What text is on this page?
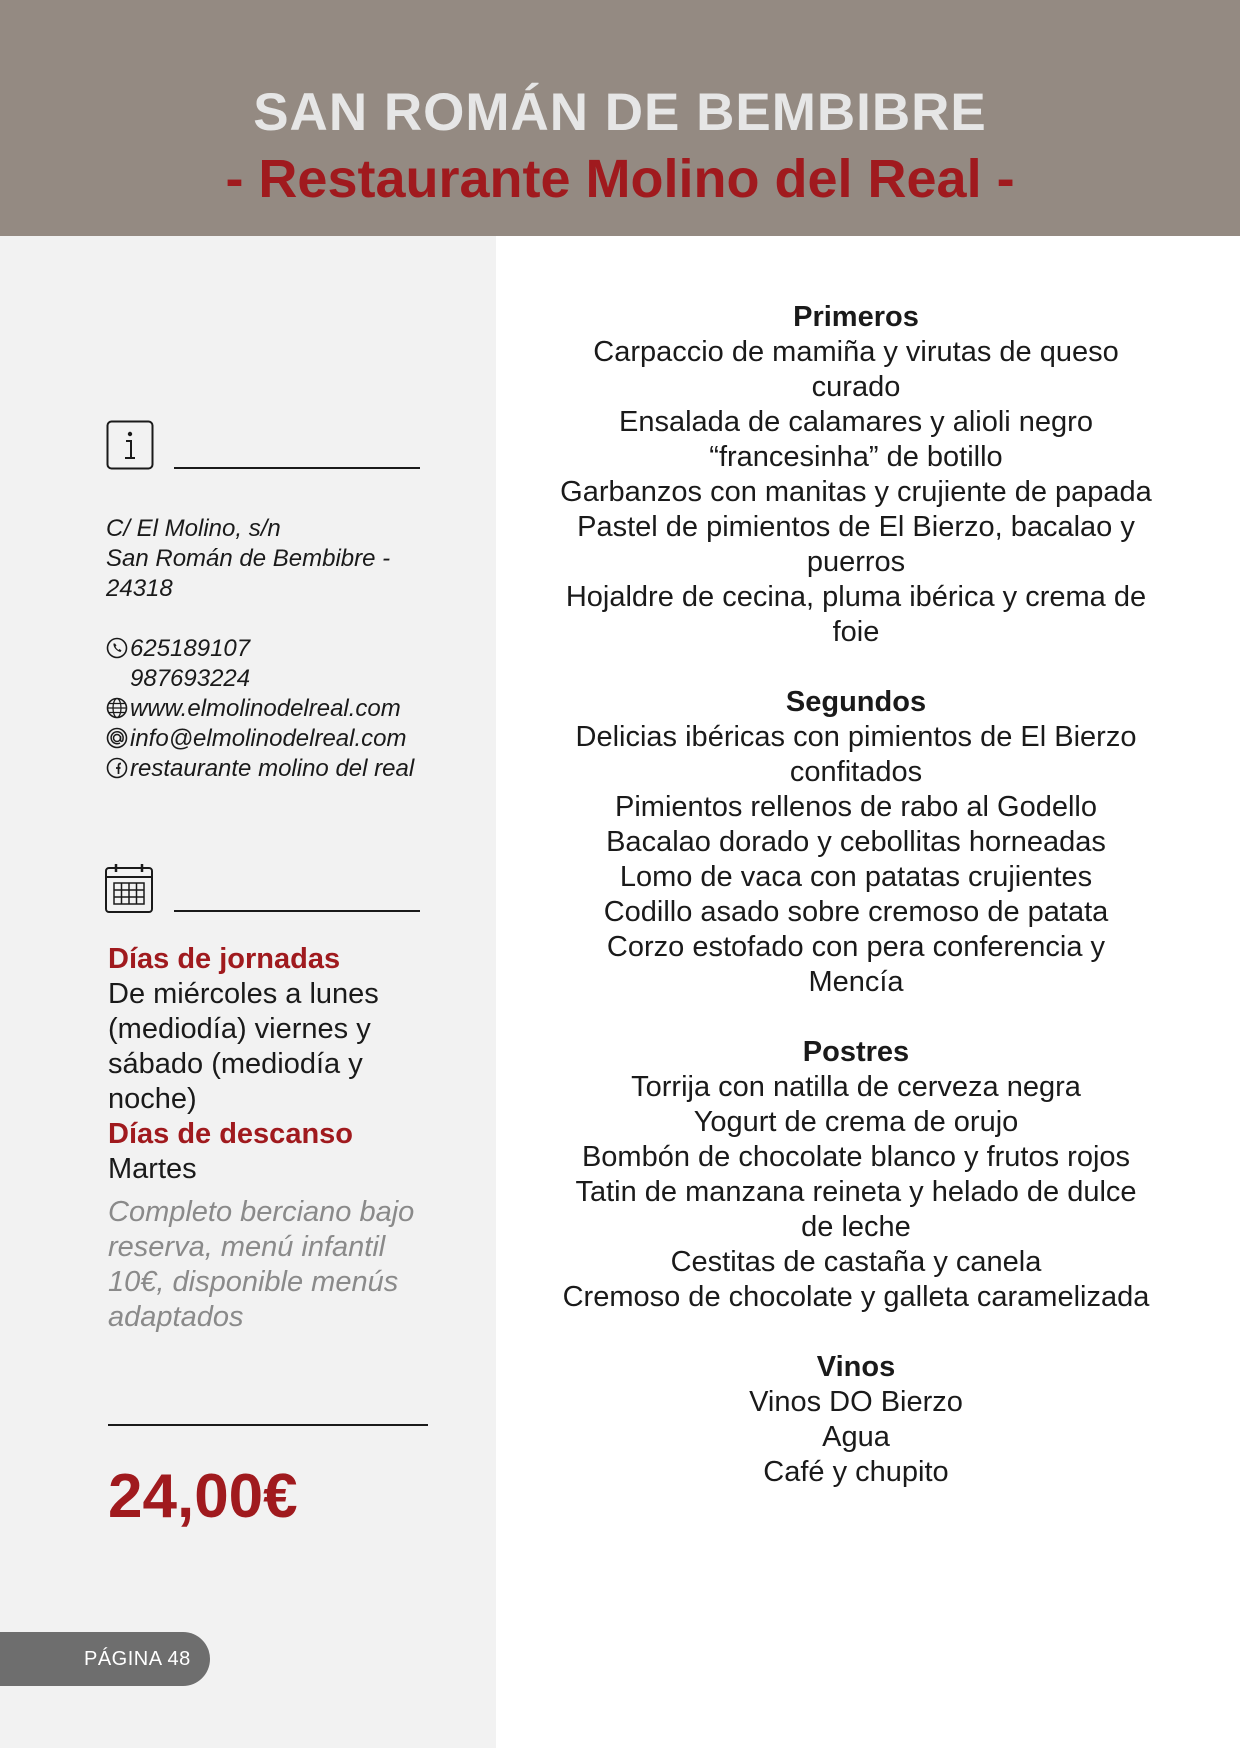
SAN ROMÁN DE BEMBIBRE
- Restaurante Molino del Real -
C/ El Molino, s/n
San Román de Bembibre -
24318
625189107
987693224
www.elmolinodelreal.com
info@elmolinodelreal.com
restaurante molino del real
Días de jornadas
De miércoles a lunes (mediodía) viernes y sábado (mediodía y noche)
Días de descanso
Martes
Completo berciano bajo reserva, menú infantil 10€, disponible menús adaptados
24,00€
PÁGINA 48
Primeros
Carpaccio de mamiña y virutas de queso curado
Ensalada de calamares y alioli negro
“francesinha” de botillo
Garbanzos con manitas y crujiente de papada
Pastel de pimientos de El Bierzo, bacalao y puerros
Hojaldre de cecina, pluma ibérica y crema de foie
Segundos
Delicias ibéricas con pimientos de El Bierzo confitados
Pimientos rellenos de rabo al Godello
Bacalao dorado y cebollitas horneadas
Lomo de vaca con patatas crujientes
Codillo asado sobre cremoso de patata
Corzo estofado con pera conferencia y Mencía
Postres
Torrija con natilla de cerveza negra
Yogurt de crema de orujo
Bombón de chocolate blanco y frutos rojos
Tatin de manzana reineta y helado de dulce de leche
Cestitas de castaña y canela
Cremoso de chocolate y galleta caramelizada
Vinos
Vinos DO Bierzo
Agua
Café y chupito
